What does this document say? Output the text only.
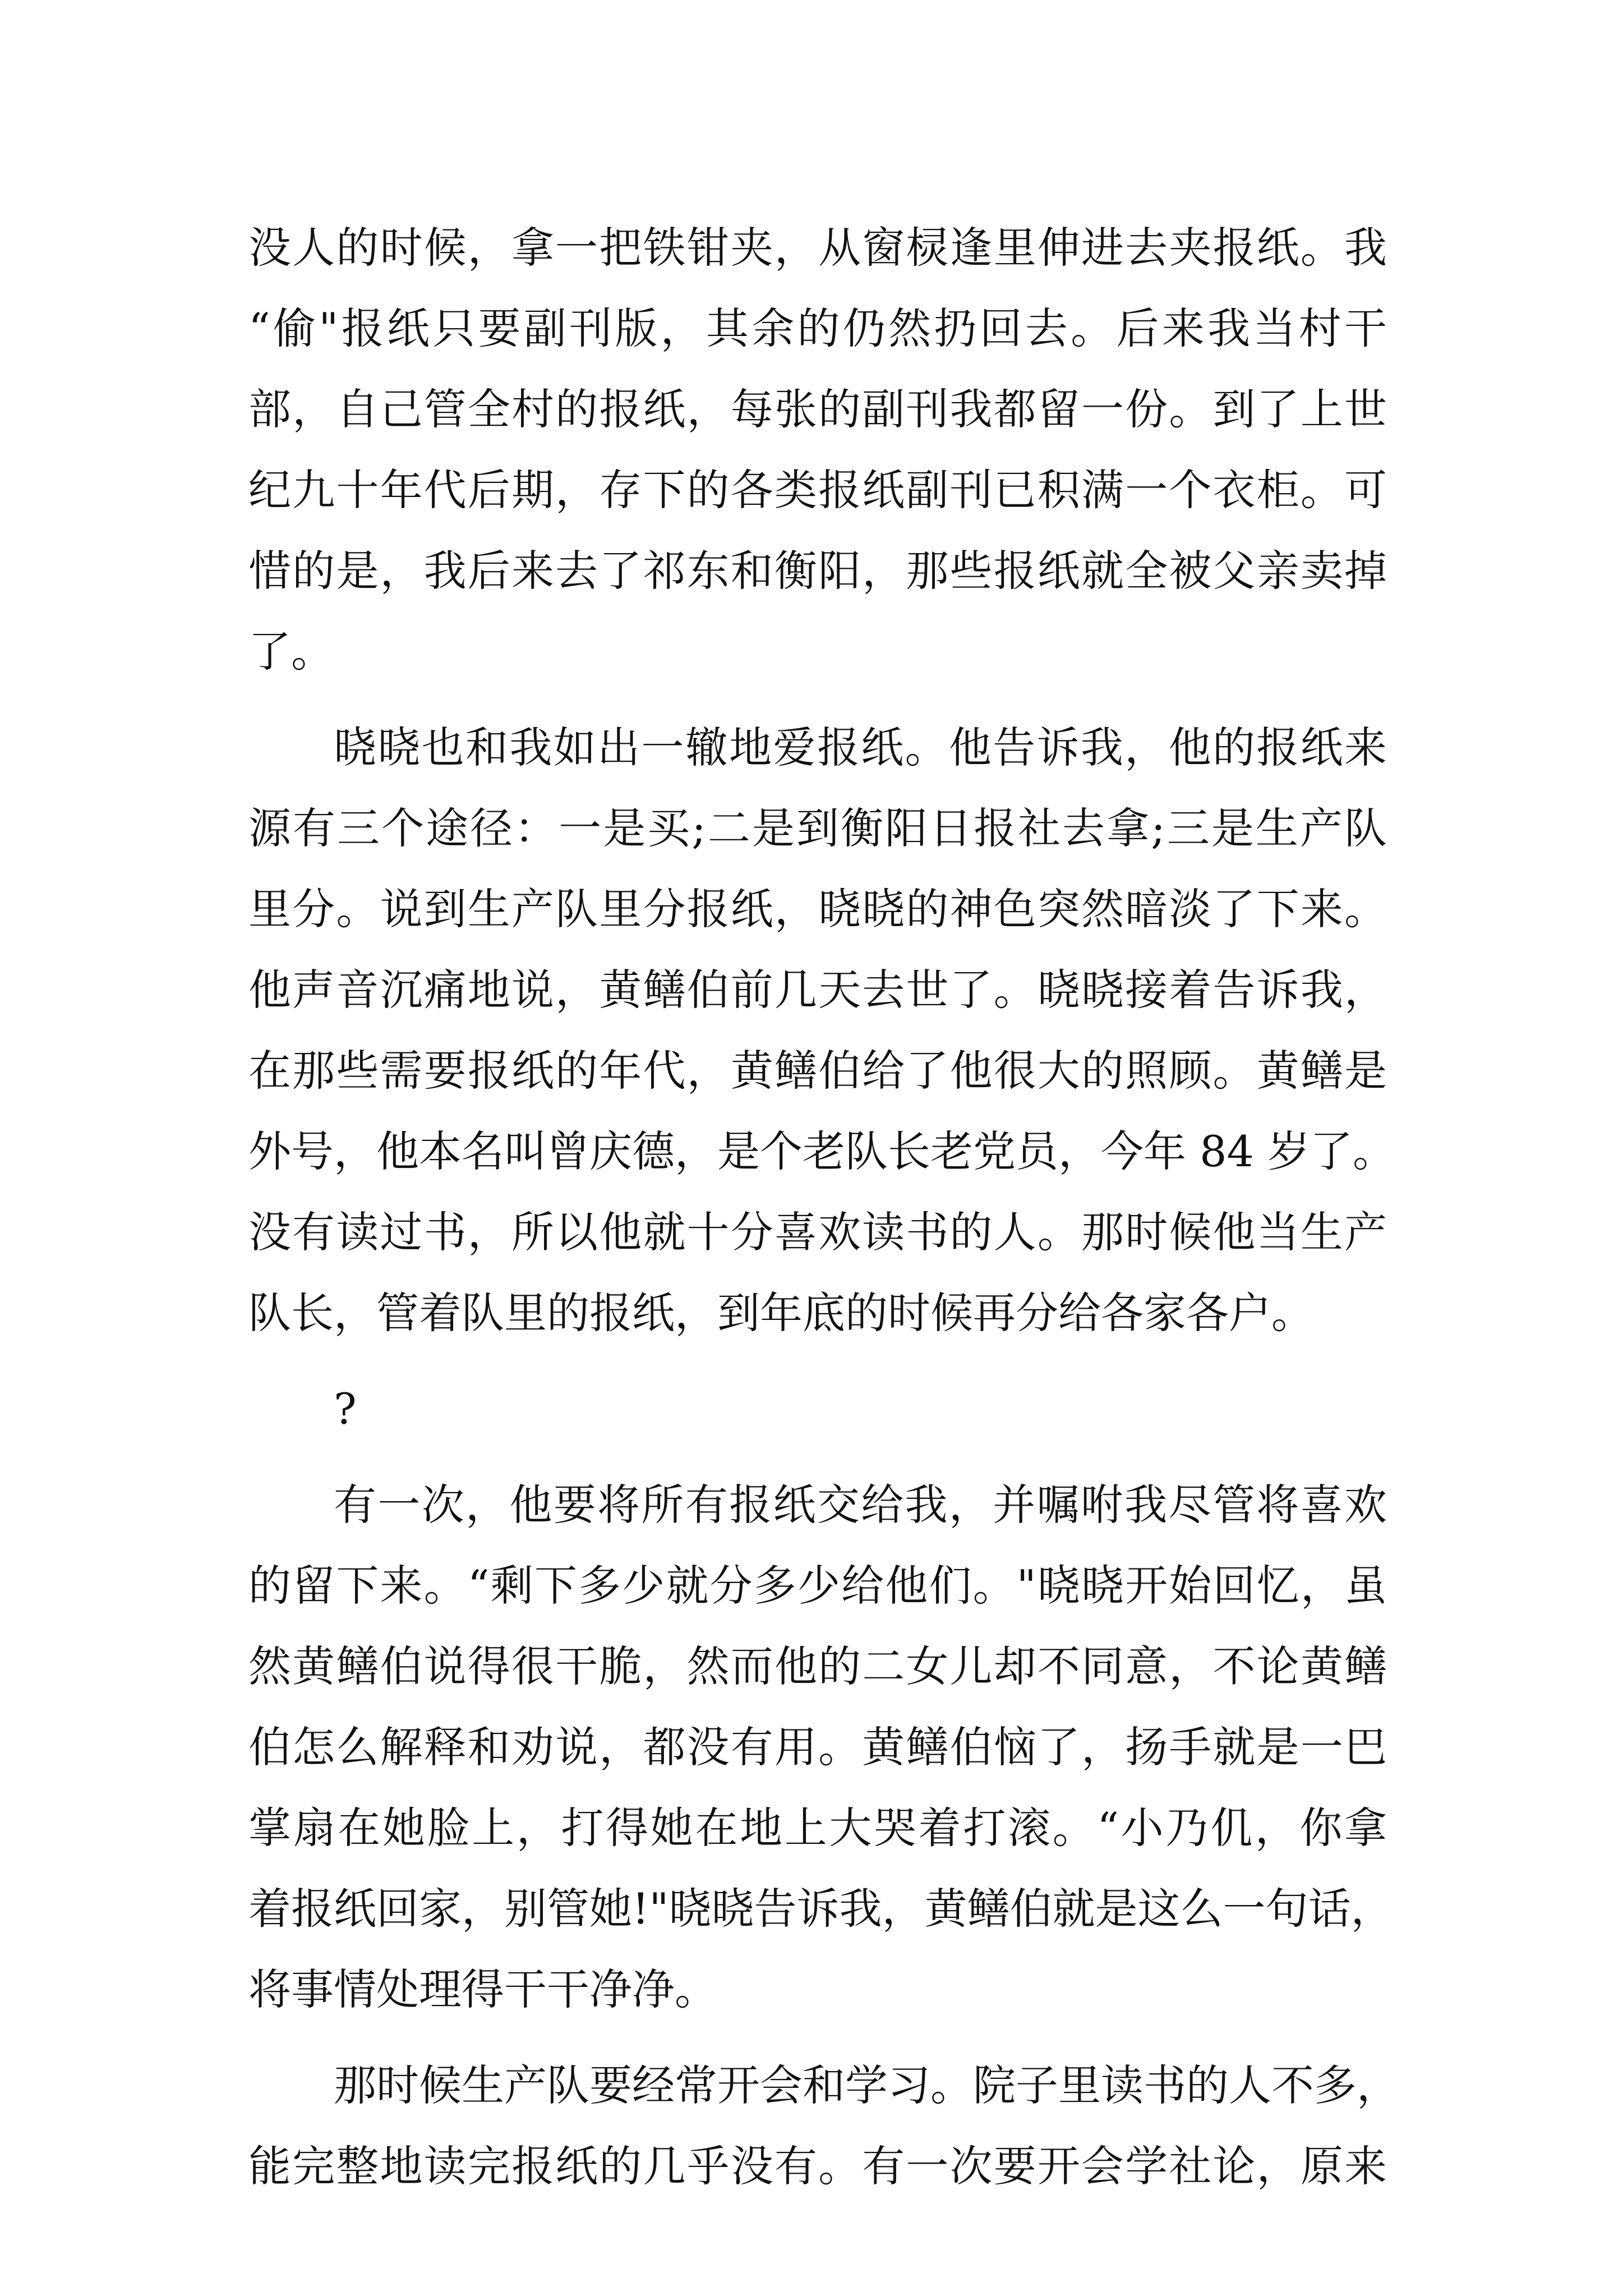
没人的时候，拿一把铁钳夹，从窗棂逢里伸进去夹报纸。我
“偷"报纸只要副刊版，其余的仍然扔回去。后来我当村干
部，自己管全村的报纸，每张的副刊我都留一份。到了上世
纪九十年代后期，存下的各类报纸副刊已积满一个衣柜。可
惜的是，我后来去了祁东和衡阳，那些报纸就全被父亲卖掉
了。
晓晓也和我如出一辙地爱报纸。他告诉我，他的报纸来
源有三个途径：一是买;二是到衡阳日报社去拿;三是生产队
里分。说到生产队里分报纸，晓晓的神色突然暗淡了下来。
他声音沉痛地说，黄鳝伯前几天去世了。晓晓接着告诉我，
在那些需要报纸的年代，黄鳝伯给了他很大的照顾。黄鳝是
外号，他本名叫曾庆德，是个老队长老党员，今年 84 岁了。
没有读过书，所以他就十分喜欢读书的人。那时候他当生产
队长，管着队里的报纸，到年底的时候再分给各家各户。
?
有一次，他要将所有报纸交给我，并嘱咐我尽管将喜欢
的留下来。“剩下多少就分多少给他们。"晓晓开始回忆，虽
然黄鳝伯说得很干脆，然而他的二女儿却不同意，不论黄鳝
伯怎么解释和劝说，都没有用。黄鳝伯恼了，扬手就是一巴
掌扇在她脸上，打得她在地上大哭着打滚。“小乃仉，你拿
着报纸回家，别管她!"晓晓告诉我，黄鳝伯就是这么一句话，
将事情处理得干干净净。
那时候生产队要经常开会和学习。院子里读书的人不多，
能完整地读完报纸的几乎没有。有一次要开会学社论，原来
